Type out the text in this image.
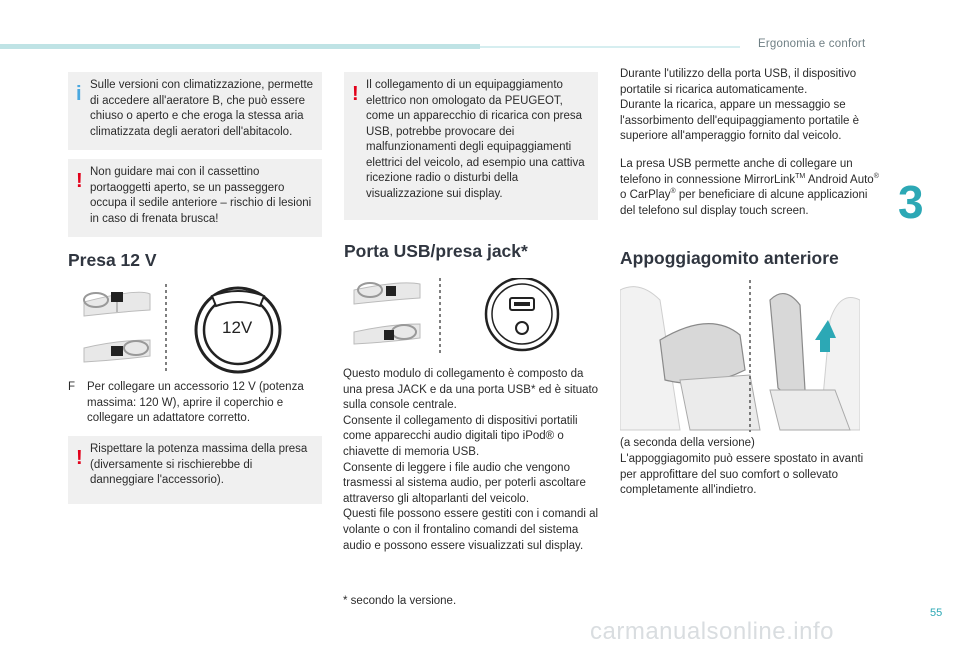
Ergonomia e confort
3
55
carmanualsonline.info
i Sulle versioni con climatizzazione, permette di accedere all'aeratore B, che può essere chiuso o aperto e che eroga la stessa aria climatizzata degli aeratori dell'abitacolo.
! Non guidare mai con il cassettino portaoggetti aperto, se un passeggero occupa il sedile anteriore – rischio di lesioni in caso di frenata brusca!
Presa 12 V
12V
F	Per collegare un accessorio 12 V (potenza massima: 120 W), aprire il coperchio e collegare un adattatore corretto.
! Rispettare la potenza massima della presa (diversamente si rischierebbe di danneggiare l'accessorio).
! Il collegamento di un equipaggiamento elettrico non omologato da PEUGEOT, come un apparecchio di ricarica con presa USB, potrebbe provocare dei malfunzionamenti degli equipaggiamenti elettrici del veicolo, ad esempio una cattiva ricezione radio o disturbi della visualizzazione sui display.
Porta USB/presa jack*
Questo modulo di collegamento è composto da una presa JACK e da una porta USB* ed è situato sulla console centrale.
Consente il collegamento di dispositivi portatili come apparecchi audio digitali tipo iPod® o chiavette di memoria USB.
Consente di leggere i file audio che vengono trasmessi al sistema audio, per poterli ascoltare attraverso gli altoparlanti del veicolo.
Questi file possono essere gestiti con i comandi al volante o con il frontalino comandi del sistema audio e possono essere visualizzati sul display.
* secondo la versione.
Durante l'utilizzo della porta USB, il dispositivo portatile si ricarica automaticamente.
Durante la ricarica, appare un messaggio se l'assorbimento dell'equipaggiamento portatile è superiore all'amperaggio fornito dal veicolo.
La presa USB permette anche di collegare un telefono in connessione MirrorLink™ Android Auto® o CarPlay® per beneficiare di alcune applicazioni del telefono sul display touch screen.
Appoggiagomito anteriore
(a seconda della versione)
L'appoggiagomito può essere spostato in avanti per approfittare del suo comfort o sollevato completamente all'indietro.
